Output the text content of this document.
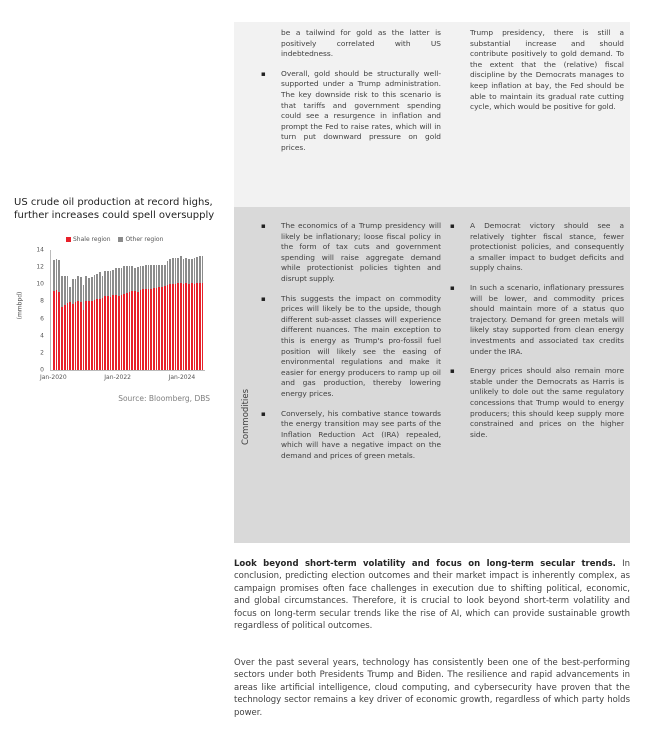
US crude oil production at record highs, further increases could spell oversupply
Shale region Other region
(mmbpd)
14
12
10
8
6
4
2
0
Jan-2020	Jan-2022	Jan-2024
Source: Bloomberg, DBS

be a tailwind for gold as the latter is positively correlated with US indebtedness.

▪ Overall, gold should be structurally well-supported under a Trump administration. The key downside risk to this scenario is that tariffs and government spending could see a resurgence in inflation and prompt the Fed to raise rates, which will in turn put downward pressure on gold prices.

Trump presidency, there is still a substantial increase and should contribute positively to gold demand. To the extent that the (relative) fiscal discipline by the Democrats manages to keep inflation at bay, the Fed should be able to maintain its gradual rate cutting cycle, which would be positive for gold.

Commodities

▪ The economics of a Trump presidency will likely be inflationary; loose fiscal policy in the form of tax cuts and government spending will raise aggregate demand while protectionist policies tighten and disrupt supply.

▪ This suggests the impact on commodity prices will likely be to the upside, though different sub-asset classes will experience different nuances. The main exception to this is energy as Trump's pro-fossil fuel position will likely see the easing of environmental regulations and make it easier for energy producers to ramp up oil and gas production, thereby lowering energy prices.

▪ Conversely, his combative stance towards the energy transition may see parts of the Inflation Reduction Act (IRA) repealed, which will have a negative impact on the demand and prices of green metals.

▪ A Democrat victory should see a relatively tighter fiscal stance, fewer protectionist policies, and consequently a smaller impact to budget deficits and supply chains.

▪ In such a scenario, inflationary pressures will be lower, and commodity prices should maintain more of a status quo trajectory. Demand for green metals will likely stay supported from clean energy investments and associated tax credits under the IRA.

▪ Energy prices should also remain more stable under the Democrats as Harris is unlikely to dole out the same regulatory concessions that Trump would to energy producers; this should keep supply more constrained and prices on the higher side.

Look beyond short-term volatility and focus on long-term secular trends. In conclusion, predicting election outcomes and their market impact is inherently complex, as campaign promises often face challenges in execution due to shifting political, economic, and global circumstances. Therefore, it is crucial to look beyond short-term volatility and focus on long-term secular trends like the rise of AI, which can provide sustainable growth regardless of political outcomes.
Over the past several years, technology has consistently been one of the best-performing sectors under both Presidents Trump and Biden. The resilience and rapid advancements in areas like artificial intelligence, cloud computing, and cybersecurity have proven that the technology sector remains a key driver of economic growth, regardless of which party holds power.
